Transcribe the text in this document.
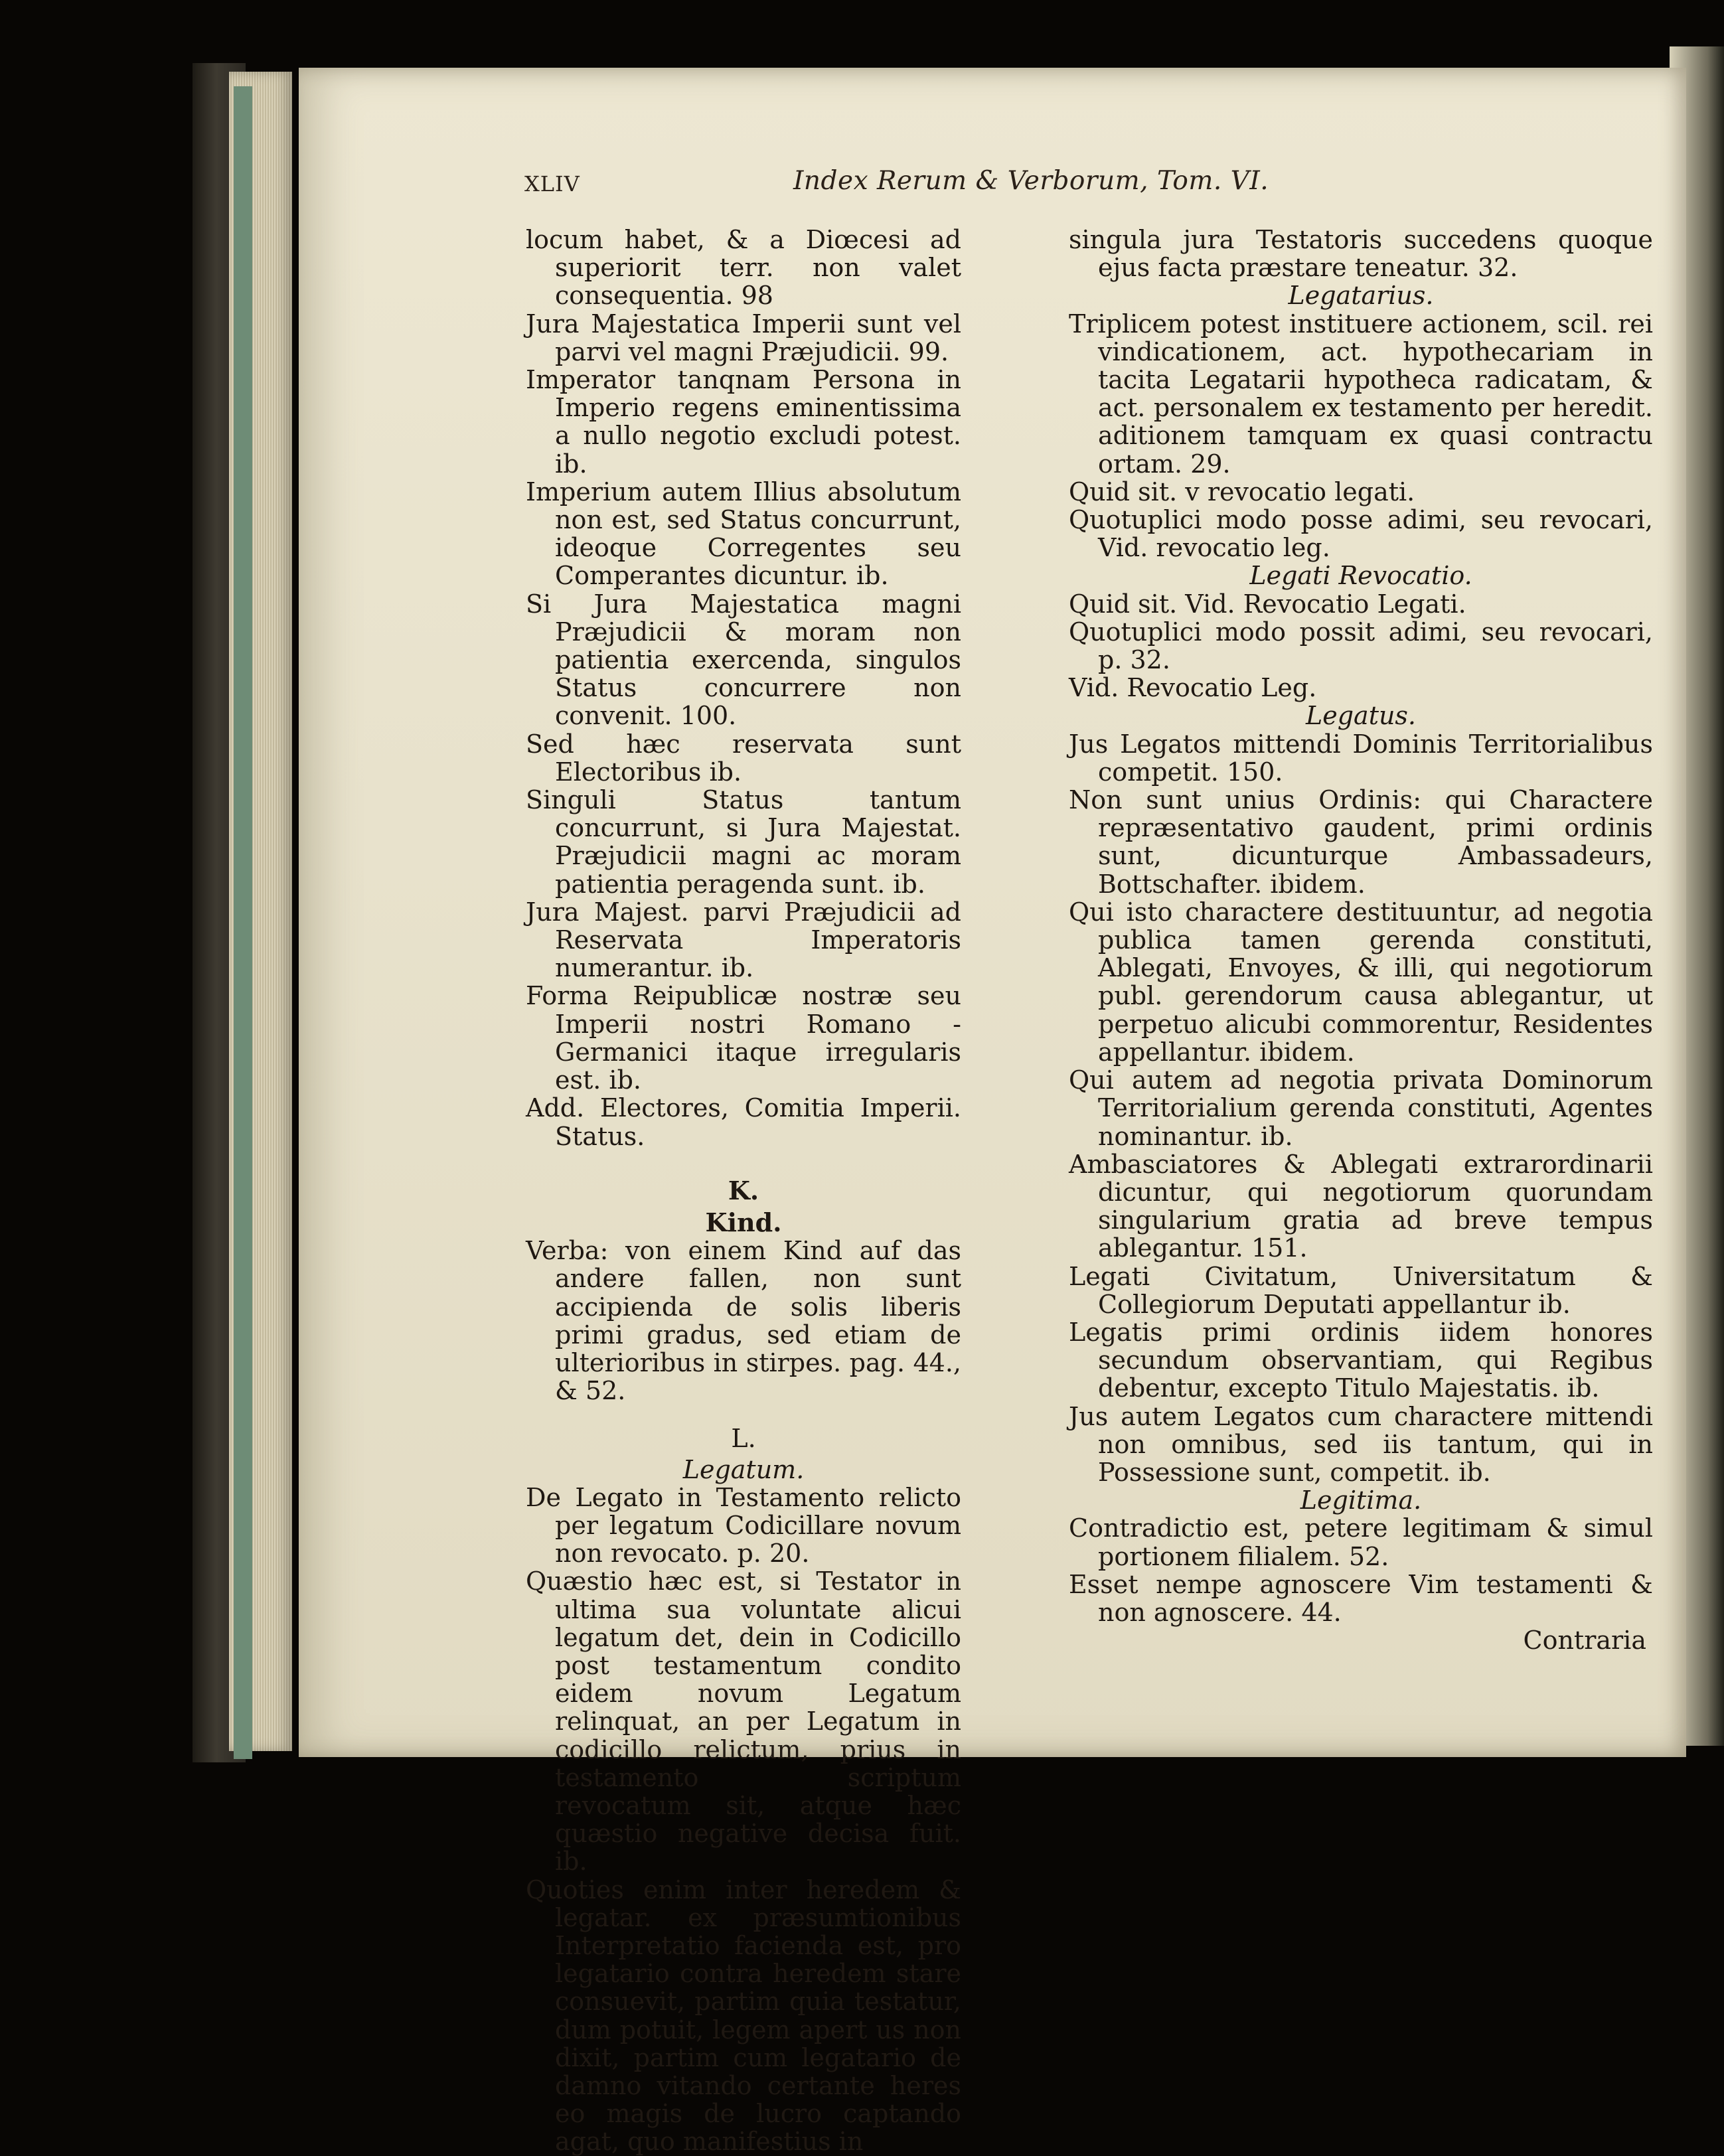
XLIV	Index Rerum & Verborum, Tom. VI.
locum habet, & a Diœcesi ad superiorit terr. non valet consequentia. 98
Jura Majestatica Imperii sunt vel parvi vel magni Præjudicii. 99.
Imperator tanqnam Persona in Imperio regens eminentissima a nullo negotio excludi potest. ib.
Imperium autem Illius absolutum non est, sed Status concurrunt, ideoque Corregentes seu Comperantes dicuntur. ib.
Si Jura Majestatica magni Præjudicii & moram non patientia exercenda, singulos Status concurrere non convenit. 100.
Sed hæc reservata sunt Electoribus ib.
Singuli Status tantum concurrunt, si Jura Majestat. Præjudicii magni ac moram patientia peragenda sunt. ib.
Jura Majest. parvi Præjudicii ad Reservata Imperatoris numerantur. ib.
Forma Reipublicæ nostræ seu Imperii nostri Romano - Germanici itaque irregularis est. ib.
Add. Electores, Comitia Imperii. Status.
K.
Kind.
Verba: von einem Kind auf das andere fallen, non sunt accipienda de solis liberis primi gradus, sed etiam de ulterioribus in stirpes. pag. 44., & 52.
L.
Legatum.
De Legato in Testamento relicto per legatum Codicillare novum non revocato. p. 20.
Quæstio hæc est, si Testator in ultima sua voluntate alicui legatum det, dein in Codicillo post testamentum condito eidem novum Legatum relinquat, an per Legatum in codicillo relictum, prius in testamento scriptum revocatum sit, atque hæc quæstio negative decisa fuit. ib.
Quoties enim inter heredem & legatar. ex præsumtionibus Interpretatio facienda est, pro legatario contra heredem stare consuevit, partim quia testatur, dum potuit, legem apert us non dixit, partim cum legatario de damno vitando certante heres eo magis de lucro captando agat, quo manifestius in
singula jura Testatoris succedens quoque ejus facta præstare teneatur. 32.
Legatarius.
Triplicem potest instituere actionem, scil. rei vindicationem, act. hypothecariam in tacita Legatarii hypotheca radicatam, & act. personalem ex testamento per heredit. aditionem tamquam ex quasi contractu ortam. 29.
Quid sit. v revocatio legati.
Quotuplici modo posse adimi, seu revocari, Vid. revocatio leg.
Legati Revocatio.
Quid sit. Vid. Revocatio Legati.
Quotuplici modo possit adimi, seu revocari, p. 32.
Vid. Revocatio Leg.
Legatus.
Jus Legatos mittendi Dominis Territorialibus competit. 150.
Non sunt unius Ordinis: qui Charactere repræsentativo gaudent, primi ordinis sunt, dicunturque Ambassadeurs, Bottschafter. ibidem.
Qui isto charactere destituuntur, ad negotia publica tamen gerenda constituti, Ablegati, Envoyes, & illi, qui negotiorum publ. gerendorum causa ablegantur, ut perpetuo alicubi commorentur, Residentes appellantur. ibidem.
Qui autem ad negotia privata Dominorum Territorialium gerenda constituti, Agentes nominantur. ib.
Ambasciatores & Ablegati extrarordinarii dicuntur, qui negotiorum quorundam singularium gratia ad breve tempus ablegantur. 151.
Legati Civitatum, Universitatum & Collegiorum Deputati appellantur ib.
Legatis primi ordinis iidem honores secundum observantiam, qui Regibus debentur, excepto Titulo Majestatis. ib.
Jus autem Legatos cum charactere mittendi non omnibus, sed iis tantum, qui in Possessione sunt, competit. ib.
Legitima.
Contradictio est, petere legitimam & simul portionem filialem. 52.
Esset nempe agnoscere Vim testamenti & non agnoscere. 44.
Contraria
